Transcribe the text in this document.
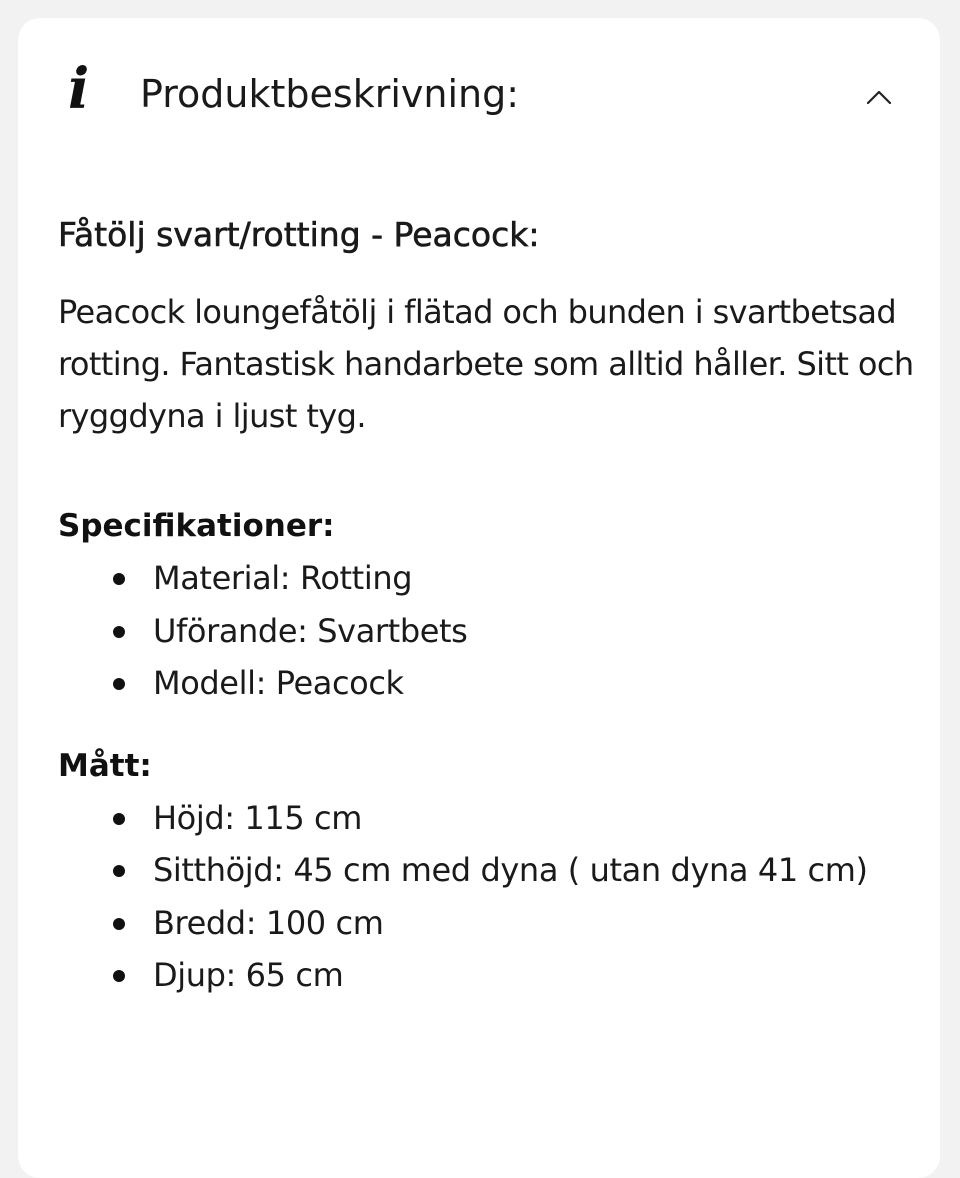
i	Produktbeskrivning:
Fåtölj svart/rotting - Peacock:

Peacock loungefåtölj i flätad och bunden i svartbetsad rotting. Fantastisk handarbete som alltid håller. Sitt och ryggdyna i ljust tyg.

Specifikationer:
Material: Rotting
Uförande: Svartbets
Modell: Peacock
Mått:
Höjd: 115 cm
Sitthöjd: 45 cm med dyna ( utan dyna 41 cm)
Bredd: 100 cm
Djup: 65 cm
